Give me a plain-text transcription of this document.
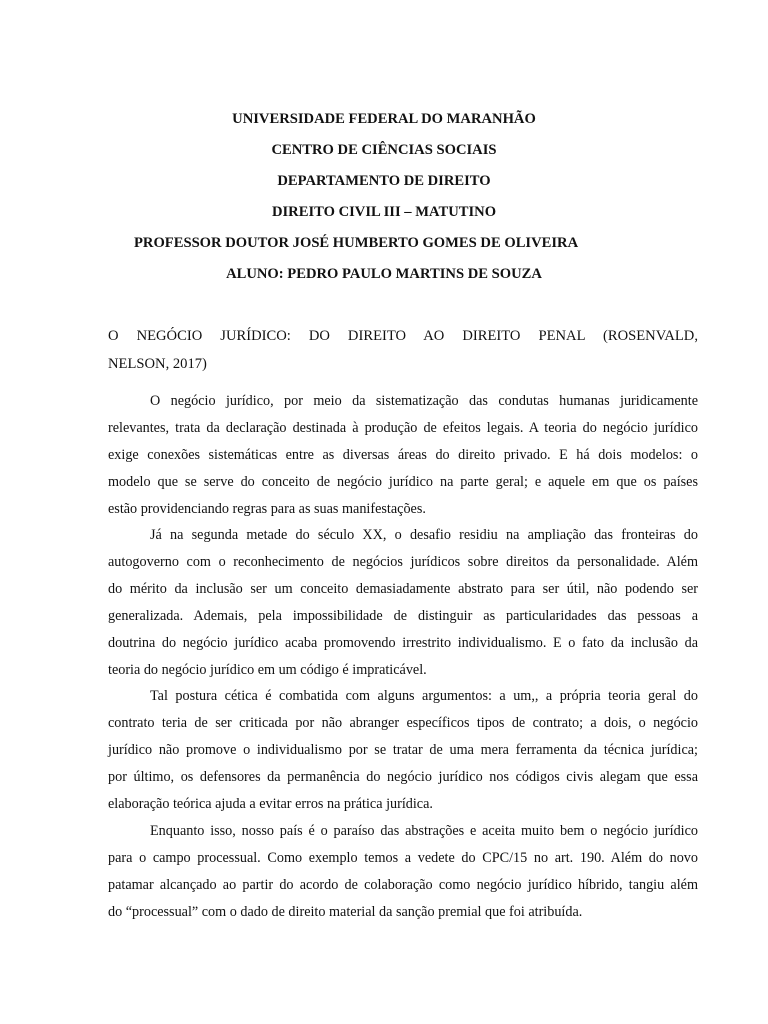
UNIVERSIDADE FEDERAL DO MARANHÃO
CENTRO DE CIÊNCIAS SOCIAIS
DEPARTAMENTO DE DIREITO
DIREITO CIVIL III – MATUTINO
PROFESSOR DOUTOR JOSÉ HUMBERTO GOMES DE OLIVEIRA
ALUNO: PEDRO PAULO MARTINS DE SOUZA
O NEGÓCIO JURÍDICO: DO DIREITO AO DIREITO PENAL (ROSENVALD,
NELSON, 2017)
O negócio jurídico, por meio da sistematização das condutas humanas juridicamente
relevantes, trata da declaração destinada à produção de efeitos legais. A teoria do negócio jurídico
exige conexões sistemáticas entre as diversas áreas do direito privado. E há dois modelos: o
modelo que se serve do conceito de negócio jurídico na parte geral; e aquele em que os países
estão providenciando regras para as suas manifestações.
Já na segunda metade do século XX, o desafio residiu na ampliação das fronteiras do
autogoverno com o reconhecimento de negócios jurídicos sobre direitos da personalidade. Além
do mérito da inclusão ser um conceito demasiadamente abstrato para ser útil, não podendo ser
generalizada. Ademais, pela impossibilidade de distinguir as particularidades das pessoas a
doutrina do negócio jurídico acaba promovendo irrestrito individualismo. E o fato da inclusão da
teoria do negócio jurídico em um código é impraticável.
Tal postura cética é combatida com alguns argumentos: a um,, a própria teoria geral do
contrato teria de ser criticada por não abranger específicos tipos de contrato; a dois, o negócio
jurídico não promove o individualismo por se tratar de uma mera ferramenta da técnica jurídica;
por último, os defensores da permanência do negócio jurídico nos códigos civis alegam que essa
elaboração teórica ajuda a evitar erros na prática jurídica.
Enquanto isso, nosso país é o paraíso das abstrações e aceita muito bem o negócio jurídico
para o campo processual. Como exemplo temos a vedete do CPC/15 no art. 190. Além do novo
patamar alcançado ao partir do acordo de colaboração como negócio jurídico híbrido, tangiu além
do “processual” com o dado de direito material da sanção premial que foi atribuída.
